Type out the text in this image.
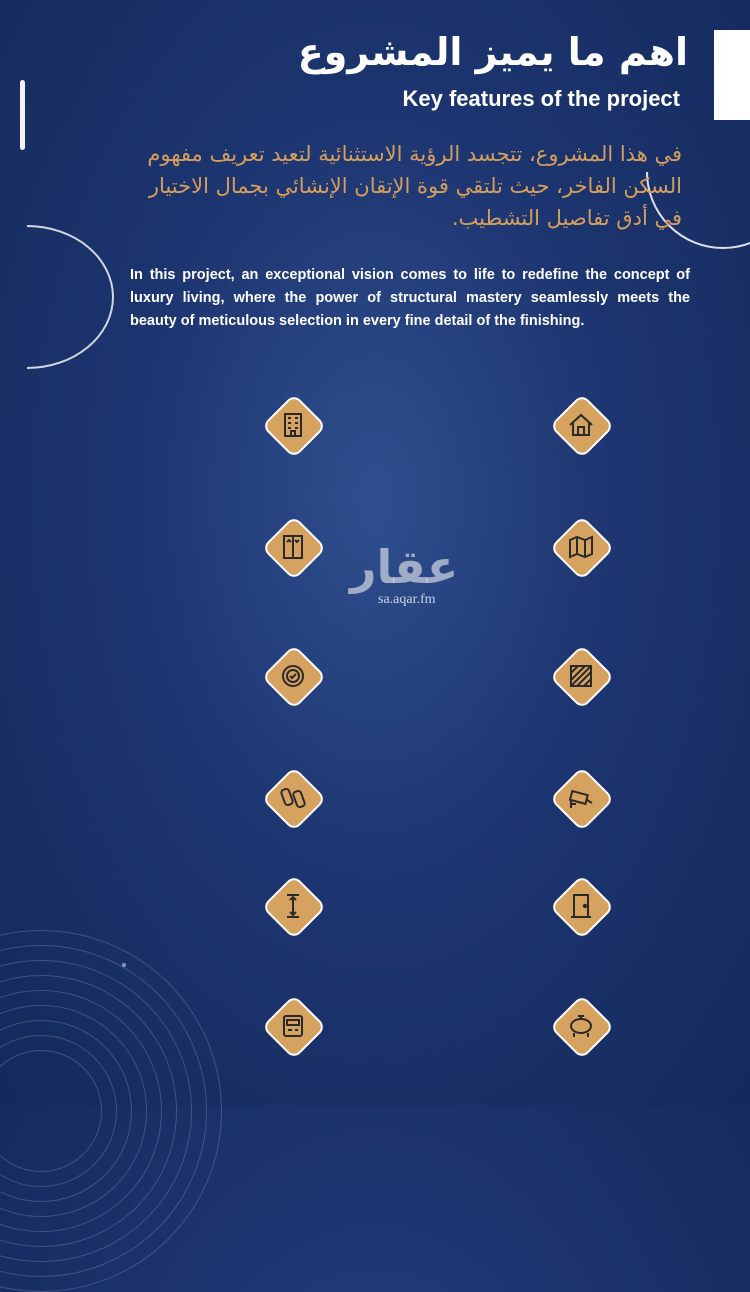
اهم ما يميز المشروع
Key features of the project
في هذا المشروع، تتجسد الرؤية الاستثنائية لتعيد تعريف مفهوم السكن الفاخر، حيث تلتقي قوة الإتقان الإنشائي بجمال الاختيار في أدق تفاصيل التشطيب.
In this project, an exceptional vision comes to life to redefine the concept of luxury living, where the power of structural mastery seamlessly meets the beauty of meticulous selection in every fine detail of the finishing.
عقار
sa.aqar.fm
